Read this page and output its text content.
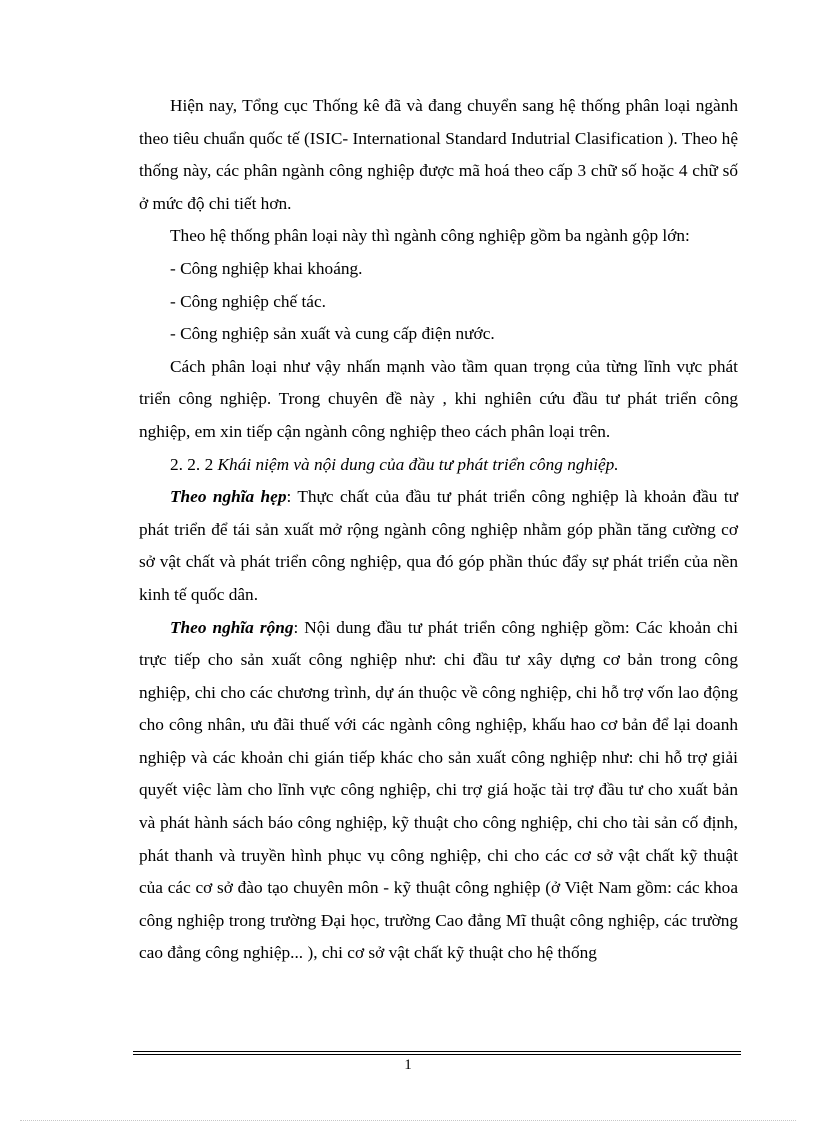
Hiện nay, Tổng cục Thống kê đã và đang chuyển sang hệ thống phân loại ngành theo tiêu chuẩn quốc tế (ISIC- International Standard Indutrial Clasification ). Theo hệ thống này, các phân ngành công nghiệp được mã hoá theo cấp 3 chữ số hoặc 4 chữ số ở mức độ chi tiết hơn.

Theo hệ thống phân loại này thì ngành công nghiệp gồm ba ngành gộp lớn:

- Công nghiệp khai khoáng.

- Công nghiệp chế tác.

- Công nghiệp sản xuất và cung cấp điện nước.

Cách phân loại như vậy nhấn mạnh vào tầm quan trọng của từng lĩnh vực phát triển công nghiệp. Trong chuyên đề này , khi nghiên cứu đầu tư phát triển công nghiệp, em xin tiếp cận ngành công nghiệp theo cách phân loại trên.

2. 2. 2 Khái niệm và nội dung của đầu tư phát triển công nghiệp.

Theo nghĩa hẹp: Thực chất của đầu tư phát triển công nghiệp là khoản đầu tư phát triển để tái sản xuất mở rộng ngành công nghiệp nhằm góp phần tăng cường cơ sở vật chất và phát triển công nghiệp, qua đó góp phần thúc đẩy sự phát triển của nền kinh tế quốc dân.

Theo nghĩa rộng: Nội dung đầu tư phát triển công nghiệp gồm: Các khoản chi trực tiếp cho sản xuất công nghiệp như: chi đầu tư xây dựng cơ bản trong công nghiệp, chi cho các chương trình, dự án thuộc về công nghiệp, chi hỗ trợ vốn lao động cho công nhân, ưu đãi thuế với các ngành công nghiệp, khấu hao cơ bản để lại doanh nghiệp và các khoản chi gián tiếp khác cho sản xuất công nghiệp như: chi hỗ trợ giải quyết việc làm cho lĩnh vực công nghiệp, chi trợ giá hoặc tài trợ đầu tư cho xuất bản và phát hành sách báo công nghiệp, kỹ thuật cho công nghiệp, chi cho tài sản cố định, phát thanh và truyền hình phục vụ công nghiệp, chi cho các cơ sở vật chất kỹ thuật của các cơ sở đào tạo chuyên môn - kỹ thuật công nghiệp (ở Việt Nam gồm: các khoa công nghiệp trong trường Đại học, trường Cao đẳng Mĩ thuật công nghiệp, các trường cao đẳng công nghiệp... ), chi cơ sở vật chất kỹ thuật cho hệ thống

1
